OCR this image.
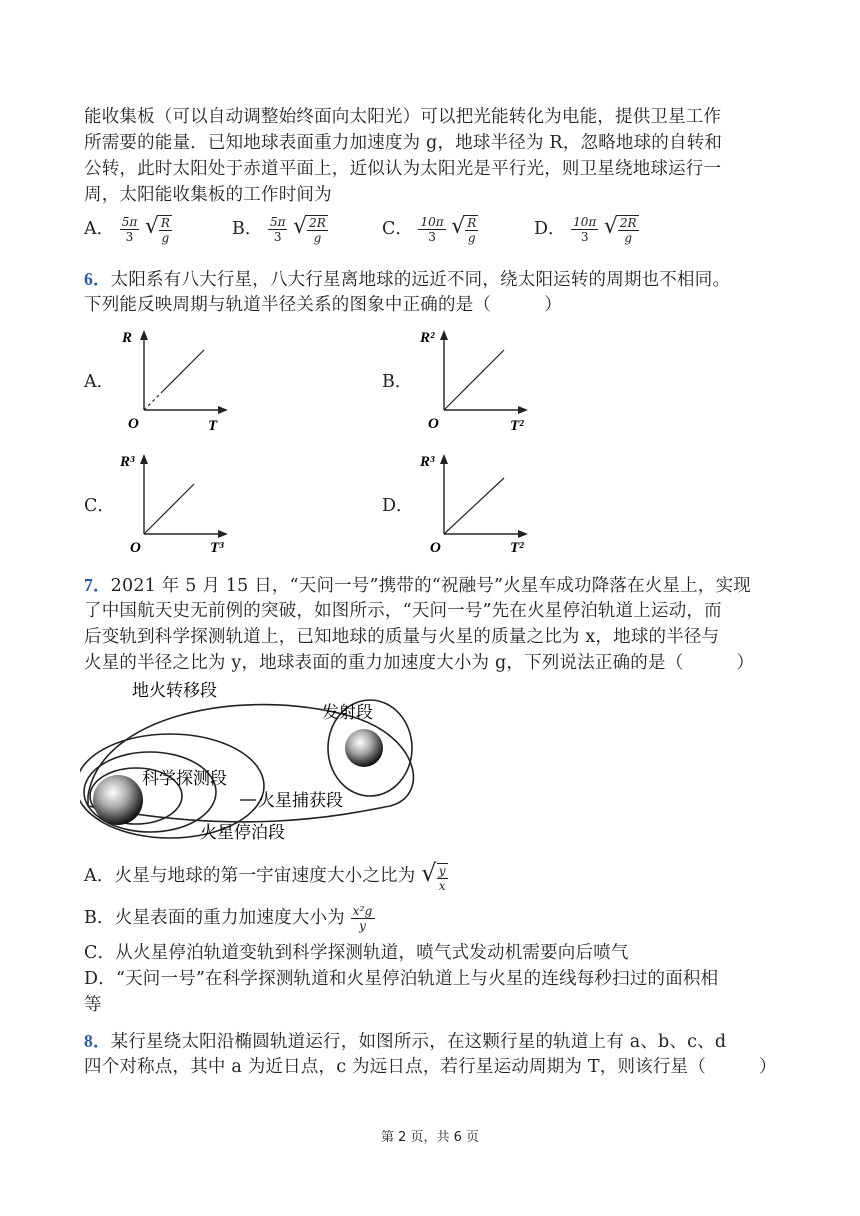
能收集板（可以自动调整始终面向太阳光）可以把光能转化为电能，提供卫星工作
所需要的能量．已知地球表面重力加速度为 g，地球半径为 R，忽略地球的自转和
公转，此时太阳处于赤道平面上，近似认为太阳光是平行光，则卫星绕地球运行一
周，太阳能收集板的工作时间为
A． $\frac{5\pi}{3}$ √ $\frac{R}{g}$	B． $\frac{5\pi}{3}$ √ $\frac{2R}{g}$	C． $\frac{10\pi}{3}$ √ $\frac{R}{g}$	D． $\frac{10\pi}{3}$ √ $\frac{2R}{g}$
6．太阳系有八大行星，八大行星离地球的远近不同，绕太阳运转的周期也不相同。
下列能反映周期与轨道半径关系的图象中正确的是（　　　）
A．
R
T
O
B．
R²
T²
O
C．
R³
T³
O
D．
R³
T²
O
7．2021 年 5 月 15 日，“天问一号”携带的“祝融号”火星车成功降落在火星上，实现
了中国航天史无前例的突破，如图所示，“天问一号”先在火星停泊轨道上运动，而
后变轨到科学探测轨道上，已知地球的质量与火星的质量之比为 x，地球的半径与
火星的半径之比为 y，地球表面的重力加速度大小为 g，下列说法正确的是（　　　）
地火转移段
发射段
科学探测段
火星捕获段
火星停泊段
A．火星与地球的第一宇宙速度大小之比为 √ $\frac{y}{x}$
B．火星表面的重力加速度大小为 $\frac{\text{x²g}}{y}$
C．从火星停泊轨道变轨到科学探测轨道，喷气式发动机需要向后喷气
D．“天问一号”在科学探测轨道和火星停泊轨道上与火星的连线每秒扫过的面积相
等
8．某行星绕太阳沿椭圆轨道运行，如图所示，在这颗行星的轨道上有 a、b、c、d
四个对称点，其中 a 为近日点，c 为远日点，若行星运动周期为 T，则该行星（　　　）
第 2 页，共 6 页
